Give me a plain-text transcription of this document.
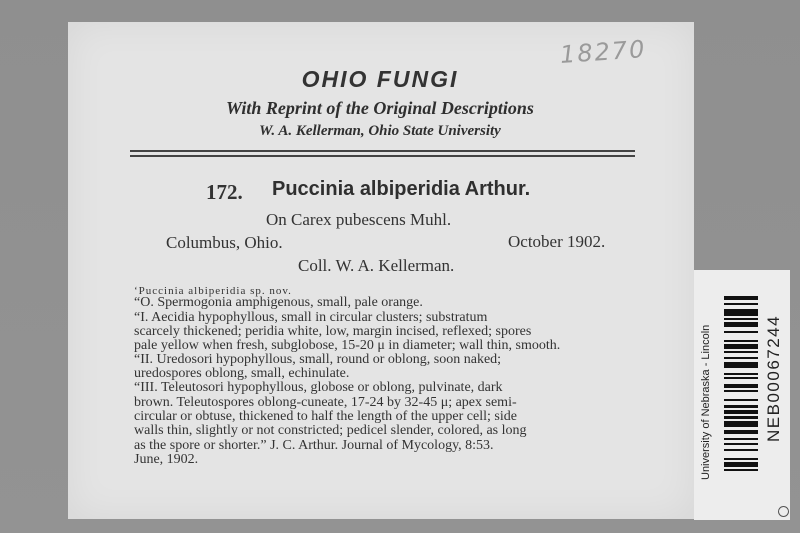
18270
OHIO FUNGI
With Reprint of the Original Descriptions
W. A. Kellerman, Ohio State University
172. Puccinia albiperidia Arthur.
On Carex pubescens Muhl.
Columbus, Ohio.	October 1902.
Coll. W. A. Kellerman.
‘Puccinia albiperidia sp. nov.
“O. Spermogonia amphigenous, small, pale orange.
“I. Aecidia hypophyllous, small in circular clusters; substratum
scarcely thickened; peridia white, low, margin incised, reflexed; spores
pale yellow when fresh, subglobose, 15-20 μ in diameter; wall thin, smooth.
“II. Uredosori hypophyllous, small, round or oblong, soon naked;
uredospores oblong, small, echinulate.
“III. Teleutosori hypophyllous, globose or oblong, pulvinate, dark
brown. Teleutospores oblong-cuneate, 17-24 by 32-45 μ; apex semi-
circular or obtuse, thickened to half the length of the upper cell; side
walls thin, slightly or not constricted; pedicel slender, colored, as long
as the spore or shorter.” J. C. Arthur. Journal of Mycology, 8:53.
June, 1902.
NEB00067244
